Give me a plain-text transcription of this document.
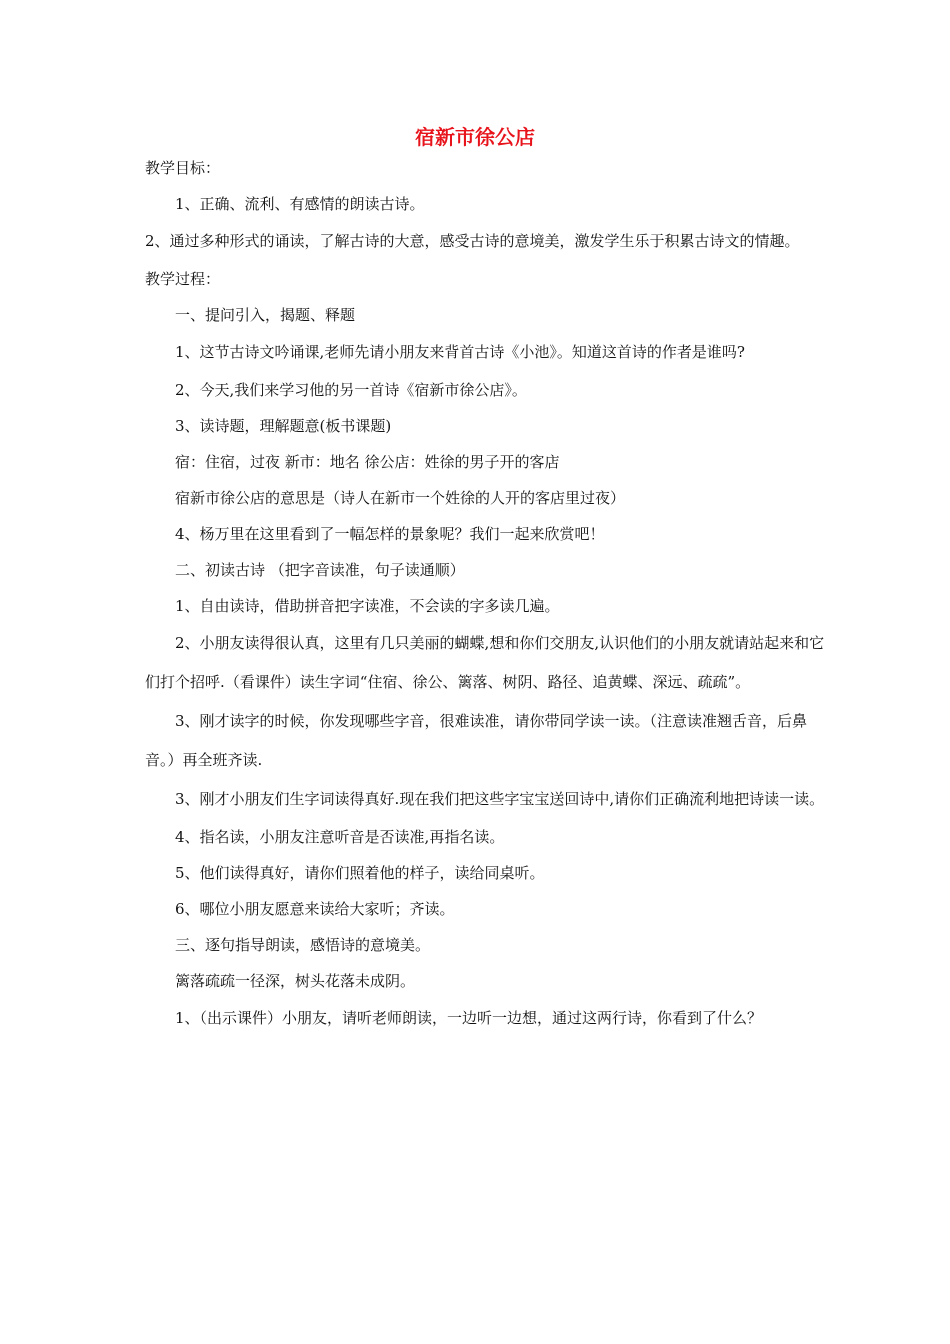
宿新市徐公店

教学目标：

1、正确、流利、有感情的朗读古诗。

2、通过多种形式的诵读，了解古诗的大意，感受古诗的意境美，激发学生乐于积累古诗文的情趣。

教学过程：

一、提问引入，揭题、释题

1、这节古诗文吟诵课,老师先请小朋友来背首古诗《小池》。知道这首诗的作者是谁吗?

2、今天,我们来学习他的另一首诗《宿新市徐公店》。

3、读诗题，理解题意(板书课题)

宿：住宿，过夜 新市：地名 徐公店：姓徐的男子开的客店

宿新市徐公店的意思是（诗人在新市一个姓徐的人开的客店里过夜）

4、杨万里在这里看到了一幅怎样的景象呢？我们一起来欣赏吧！

二、初读古诗 （把字音读准，句子读通顺）

1、自由读诗，借助拼音把字读准，不会读的字多读几遍。

2、小朋友读得很认真，这里有几只美丽的蝴蝶,想和你们交朋友,认识他们的小朋友就请站起来和它们打个招呼.（看课件）读生字词“住宿、徐公、篱落、树阴、路径、追黄蝶、深远、疏疏”。

3、刚才读字的时候，你发现哪些字音，很难读准，请你带同学读一读。（注意读准翘舌音，后鼻音。）再全班齐读.

3、刚才小朋友们生字词读得真好.现在我们把这些字宝宝送回诗中,请你们正确流利地把诗读一读。

4、指名读，小朋友注意听音是否读准,再指名读。

5、他们读得真好，请你们照着他的样子，读给同桌听。

6、哪位小朋友愿意来读给大家听；齐读。

三、逐句指导朗读，感悟诗的意境美。

篱落疏疏一径深，树头花落未成阴。

1、（出示课件）小朋友，请听老师朗读，一边听一边想，通过这两行诗，你看到了什么？
